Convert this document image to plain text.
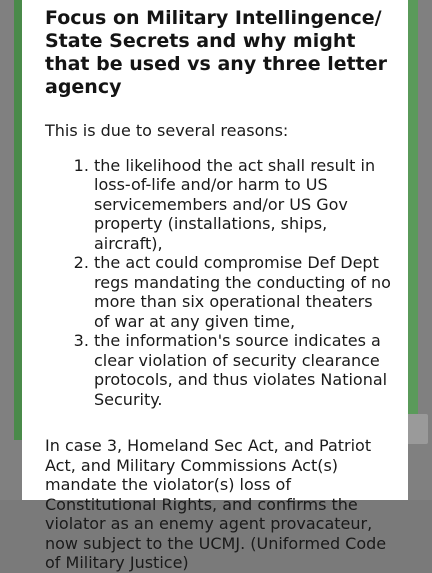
Focus on Military Intellingence/ State Secrets and why might that be used vs any three letter agency

This is due to several reasons:

1. the likelihood the act shall result in loss-of-life and/or harm to US servicemembers and/or US Gov property (installations, ships, aircraft),
2. the act could compromise Def Dept regs mandating the conducting of no more than six operational theaters of war at any given time,
3. the information's source indicates a clear violation of security clearance protocols, and thus violates National Security.

In case 3, Homeland Sec Act, and Patriot Act, and Military Commissions Act(s) mandate the violator(s) loss of Constitutional Rights, and confirms the violator as an enemy agent provacateur, now subject to the UCMJ. (Uniformed Code of Military Justice)
